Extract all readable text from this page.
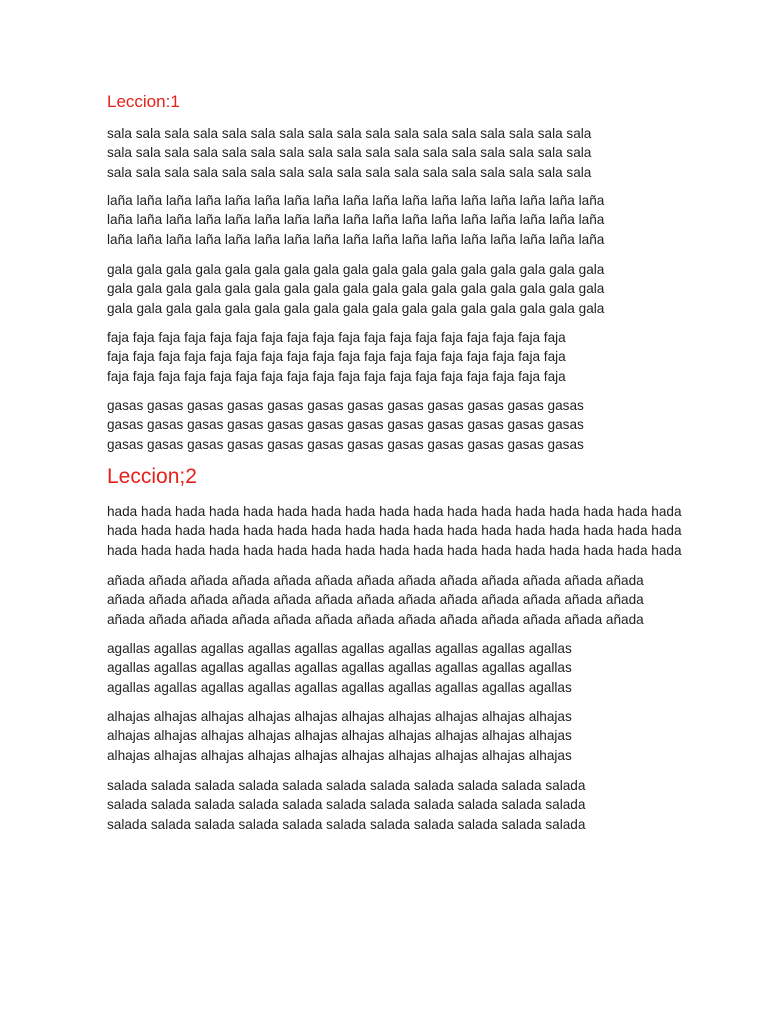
Leccion:1

sala sala sala sala sala sala sala sala sala sala sala sala sala sala sala sala sala
sala sala sala sala sala sala sala sala sala sala sala sala sala sala sala sala sala
sala sala sala sala sala sala sala sala sala sala sala sala sala sala sala sala sala

laña laña laña laña laña laña laña laña laña laña laña laña laña laña laña laña laña
laña laña laña laña laña laña laña laña laña laña laña laña laña laña laña laña laña
laña laña laña laña laña laña laña laña laña laña laña laña laña laña laña laña laña

gala gala gala gala gala gala gala gala gala gala gala gala gala gala gala gala gala
gala gala gala gala gala gala gala gala gala gala gala gala gala gala gala gala gala
gala gala gala gala gala gala gala gala gala gala gala gala gala gala gala gala gala

faja faja faja faja faja faja faja faja faja faja faja faja faja faja faja faja faja faja
faja faja faja faja faja faja faja faja faja faja faja faja faja faja faja faja faja faja
faja faja faja faja faja faja faja faja faja faja faja faja faja faja faja faja faja faja

gasas gasas gasas gasas gasas gasas gasas gasas gasas gasas gasas gasas
gasas gasas gasas gasas gasas gasas gasas gasas gasas gasas gasas gasas
gasas gasas gasas gasas gasas gasas gasas gasas gasas gasas gasas gasas

Leccion;2

hada hada hada hada hada hada hada hada hada hada hada hada hada hada hada hada hada
hada hada hada hada hada hada hada hada hada hada hada hada hada hada hada hada hada
hada hada hada hada hada hada hada hada hada hada hada hada hada hada hada hada hada

añada añada añada añada añada añada añada añada añada añada añada añada añada
añada añada añada añada añada añada añada añada añada añada añada añada añada
añada añada añada añada añada añada añada añada añada añada añada añada añada

agallas agallas agallas agallas agallas agallas agallas agallas agallas agallas
agallas agallas agallas agallas agallas agallas agallas agallas agallas agallas
agallas agallas agallas agallas agallas agallas agallas agallas agallas agallas

alhajas alhajas alhajas alhajas alhajas alhajas alhajas alhajas alhajas alhajas
alhajas alhajas alhajas alhajas alhajas alhajas alhajas alhajas alhajas alhajas
alhajas alhajas alhajas alhajas alhajas alhajas alhajas alhajas alhajas alhajas

salada salada salada salada salada salada salada salada salada salada salada
salada salada salada salada salada salada salada salada salada salada salada
salada salada salada salada salada salada salada salada salada salada salada
